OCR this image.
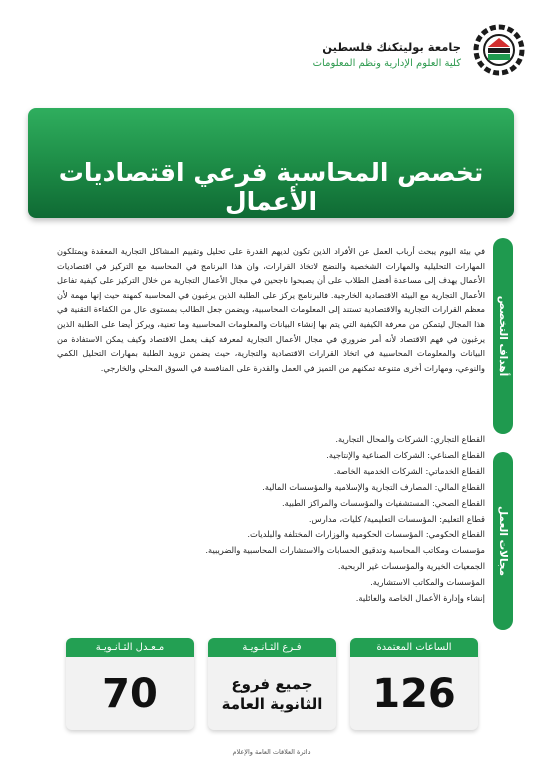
جامعة بوليتكنك فلسطين
كلية العلوم الإدارية ونظم المعلومات
تخصص المحاسبة فرعي اقتصاديات الأعمال
أهداف التخصص
مجالات العمل
في بيئة اليوم يبحث أرباب العمل عن الأفراد الذين تكون لديهم القدرة على تحليل وتقييم المشاكل التجارية المعقدة ويمتلكون المهارات التحليلية والمهارات الشخصية والنضج لاتخاذ القرارات، وان هذا البرنامج في المحاسبة مع التركيز في اقتصاديات الأعمال يهدف إلى مساعدة أفضل الطلاب على أن يصبحوا ناجحين في مجال الأعمال التجارية من خلال التركيز على كيفية تفاعل الأعمال التجارية مع البيئة الاقتصادية الخارجية. فالبرنامج يركز على الطلبة الذين يرغبون في المحاسبة كمهنة حيث إنها مهمة لأن معظم القرارات التجارية والاقتصادية تستند إلى المعلومات المحاسبية، ويضمن جعل الطالب بمستوى عال من الكفاءة التقنية في هذا المجال ليتمكن من معرفة الكيفية التي يتم بها إنشاء البيانات والمعلومات المحاسبية وما تعنية، ويركز أيضا على الطلبة الذين يرغبون في فهم الاقتصاد لأنه أمر ضروري في مجال الأعمال التجارية لمعرفة كيف يعمل الاقتصاد وكيف يمكن الاستفادة من البيانات والمعلومات المحاسبية في اتخاذ القرارات الاقتصادية والتجارية، حيث يضمن تزويد الطلبة بمهارات التحليل الكمي والنوعي، ومهارات أخرى متنوعة تمكنهم من التميز في العمل والقدرة على المنافسة في السوق المحلي والخارجي.
القطاع التجاري: الشركات والمحال التجارية.
القطاع الصناعي: الشركات الصناعية والإنتاجية.
القطاع الخدماتي: الشركات الخدمية الخاصة.
القطاع المالي: المصارف التجارية والإسلامية والمؤسسات المالية.
القطاع الصحي: المستشفيات والمؤسسات والمراكز الطبية.
قطاع التعليم: المؤسسات التعليمية/ كليات، مدارس.
القطاع الحكومي: المؤسسات الحكومية والوزارات المختلفة والبلديات.
مؤسسات ومكاتب المحاسبة وتدقيق الحسابات والاستشارات المحاسبية والضريبية.
الجمعيات الخيرية والمؤسسات غير الربحية.
المؤسسات والمكاتب الاستشارية.
إنشاء وإدارة الأعمال الخاصة والعائلية.
الساعات المعتمدة
126
فـرع الثـانـويـة
جميع فروع
الثانوية العامة
مـعـدل الثـانـويـة
70
دائرة العلاقات العامة والإعلام
